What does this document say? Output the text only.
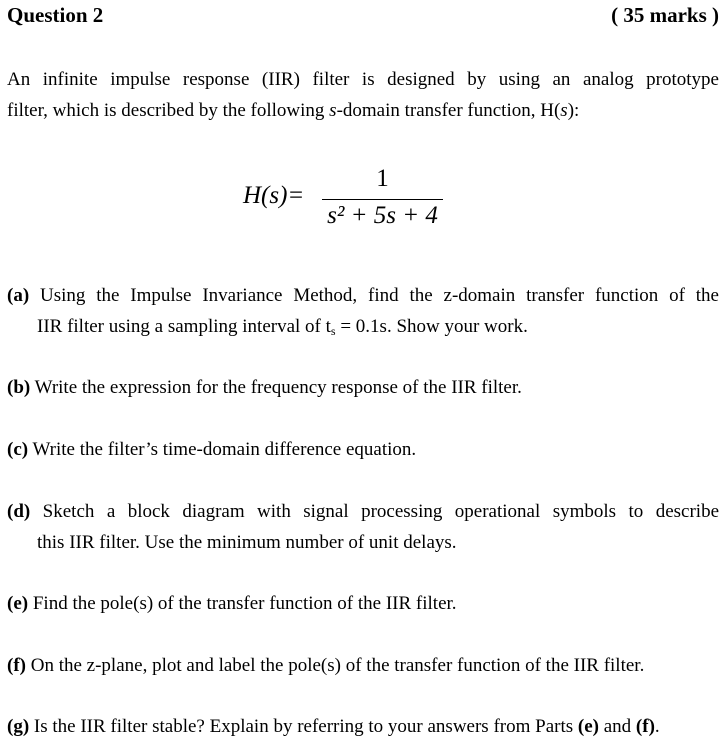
Question 2	( 35 marks )
An infinite impulse response (IIR) filter is designed by using an analog prototype
filter, which is described by the following s-domain transfer function, H(s):
H(s)=
1
s² + 5s + 4
(a) Using the Impulse Invariance Method, find the z-domain transfer function of the
IIR filter using a sampling interval of $t_s = 0.1s$. Show your work.
(b) Write the expression for the frequency response of the IIR filter.
(c) Write the filter’s time-domain difference equation.
(d) Sketch a block diagram with signal processing operational symbols to describe
this IIR filter. Use the minimum number of unit delays.
(e) Find the pole(s) of the transfer function of the IIR filter.
(f) On the z-plane, plot and label the pole(s) of the transfer function of the IIR filter.
(g) Is the IIR filter stable? Explain by referring to your answers from Parts (e) and (f).
